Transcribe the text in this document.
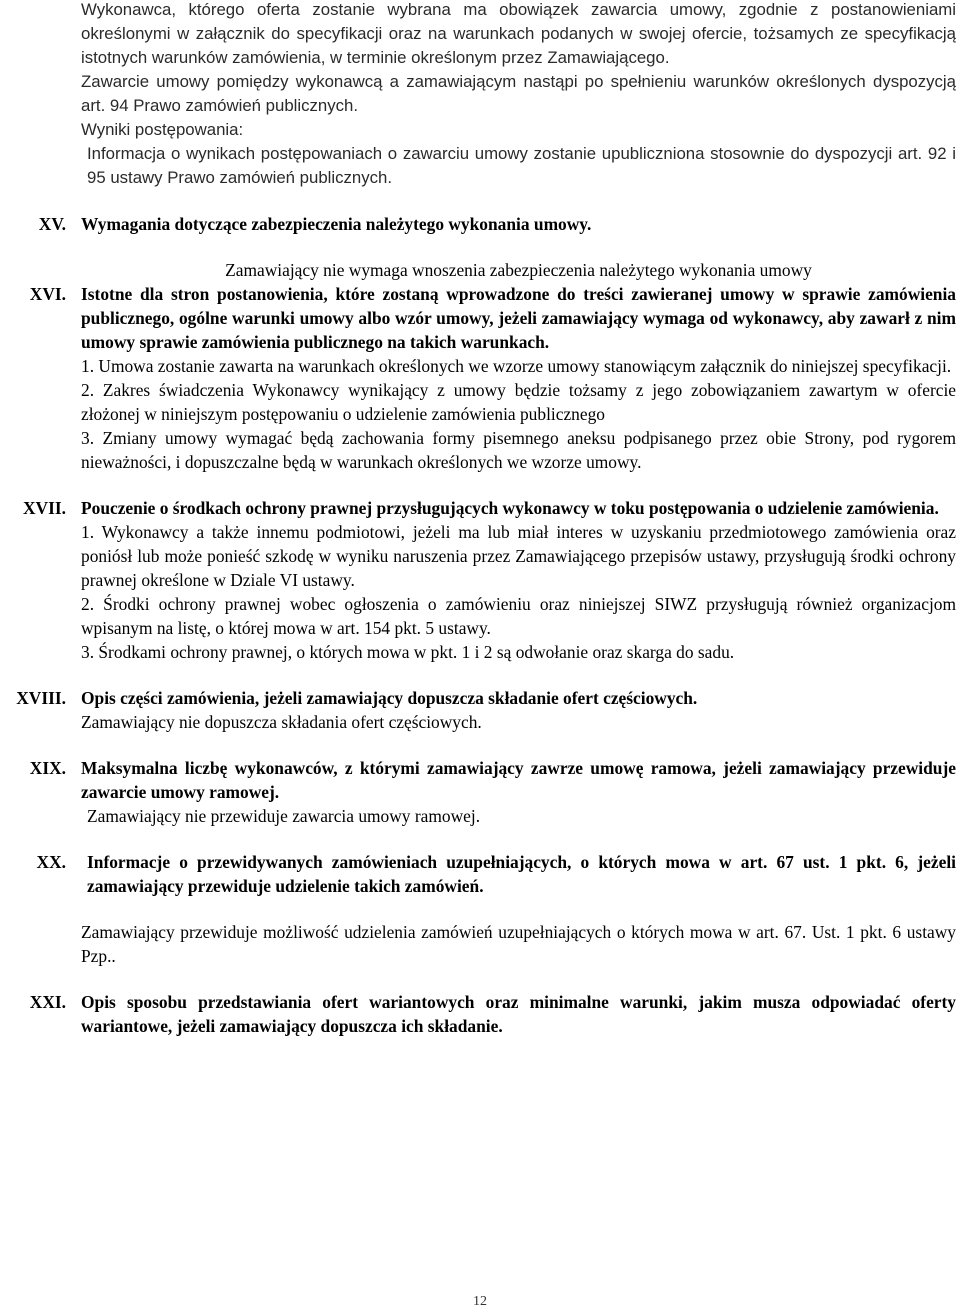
Wykonawca, którego oferta zostanie wybrana ma obowiązek zawarcia umowy, zgodnie z postanowieniami określonymi w załącznik do specyfikacji oraz na warunkach podanych w swojej ofercie, tożsamych ze specyfikacją istotnych warunków zamówienia, w terminie określonym przez Zamawiającego.

Zawarcie umowy pomiędzy wykonawcą a zamawiającym nastąpi po spełnieniu warunków określonych dyspozycją art. 94 Prawo zamówień publicznych.

Wyniki postępowania:

Informacja o wynikach postępowaniach o zawarciu umowy zostanie upubliczniona stosownie do dyspozycji art. 92 i 95 ustawy Prawo zamówień publicznych.

XV. Wymagania dotyczące zabezpieczenia należytego wykonania umowy.

Zamawiający nie wymaga wnoszenia zabezpieczenia należytego wykonania umowy

XVI. Istotne dla stron postanowienia, które zostaną wprowadzone do treści zawieranej umowy w sprawie zamówienia publicznego, ogólne warunki umowy albo wzór umowy, jeżeli zamawiający wymaga od wykonawcy, aby zawarł z nim umowy sprawie zamówienia publicznego na takich warunkach.

1. Umowa zostanie zawarta na warunkach określonych we wzorze umowy stanowiącym załącznik do niniejszej specyfikacji.

2. Zakres świadczenia Wykonawcy wynikający z umowy będzie tożsamy z jego zobowiązaniem zawartym w ofercie złożonej w niniejszym postępowaniu o udzielenie zamówienia publicznego

3. Zmiany umowy wymagać będą zachowania formy pisemnego aneksu podpisanego przez obie Strony, pod rygorem nieważności, i dopuszczalne będą w warunkach określonych we wzorze umowy.

XVII. Pouczenie o środkach ochrony prawnej przysługujących wykonawcy w toku postępowania o udzielenie zamówienia.

1. Wykonawcy a także innemu podmiotowi, jeżeli ma lub miał interes w uzyskaniu przedmiotowego zamówienia oraz poniósł lub może ponieść szkodę w wyniku naruszenia przez Zamawiającego przepisów ustawy, przysługują środki ochrony prawnej określone w Dziale VI ustawy.

2. Środki ochrony prawnej wobec ogłoszenia o zamówieniu oraz niniejszej SIWZ przysługują również organizacjom wpisanym na listę, o której mowa w art. 154 pkt. 5 ustawy.

3. Środkami ochrony prawnej, o których mowa w pkt. 1 i 2 są odwołanie oraz skarga do sadu.

XVIII. Opis części zamówienia, jeżeli zamawiający dopuszcza składanie ofert częściowych.

Zamawiający nie dopuszcza składania ofert częściowych.

XIX. Maksymalna liczbę wykonawców, z którymi zamawiający zawrze umowę ramowa, jeżeli zamawiający przewiduje zawarcie umowy ramowej.

Zamawiający nie przewiduje zawarcia umowy ramowej.

XX.	Informacje o przewidywanych zamówieniach uzupełniających, o których mowa w art. 67 ust. 1 pkt. 6, jeżeli zamawiający przewiduje udzielenie takich zamówień.

Zamawiający przewiduje możliwość udzielenia zamówień uzupełniających o których mowa w art. 67. Ust. 1 pkt. 6 ustawy Pzp..

XXI. Opis sposobu przedstawiania ofert wariantowych oraz minimalne warunki, jakim musza odpowiadać oferty wariantowe, jeżeli zamawiający dopuszcza ich składanie.

12
